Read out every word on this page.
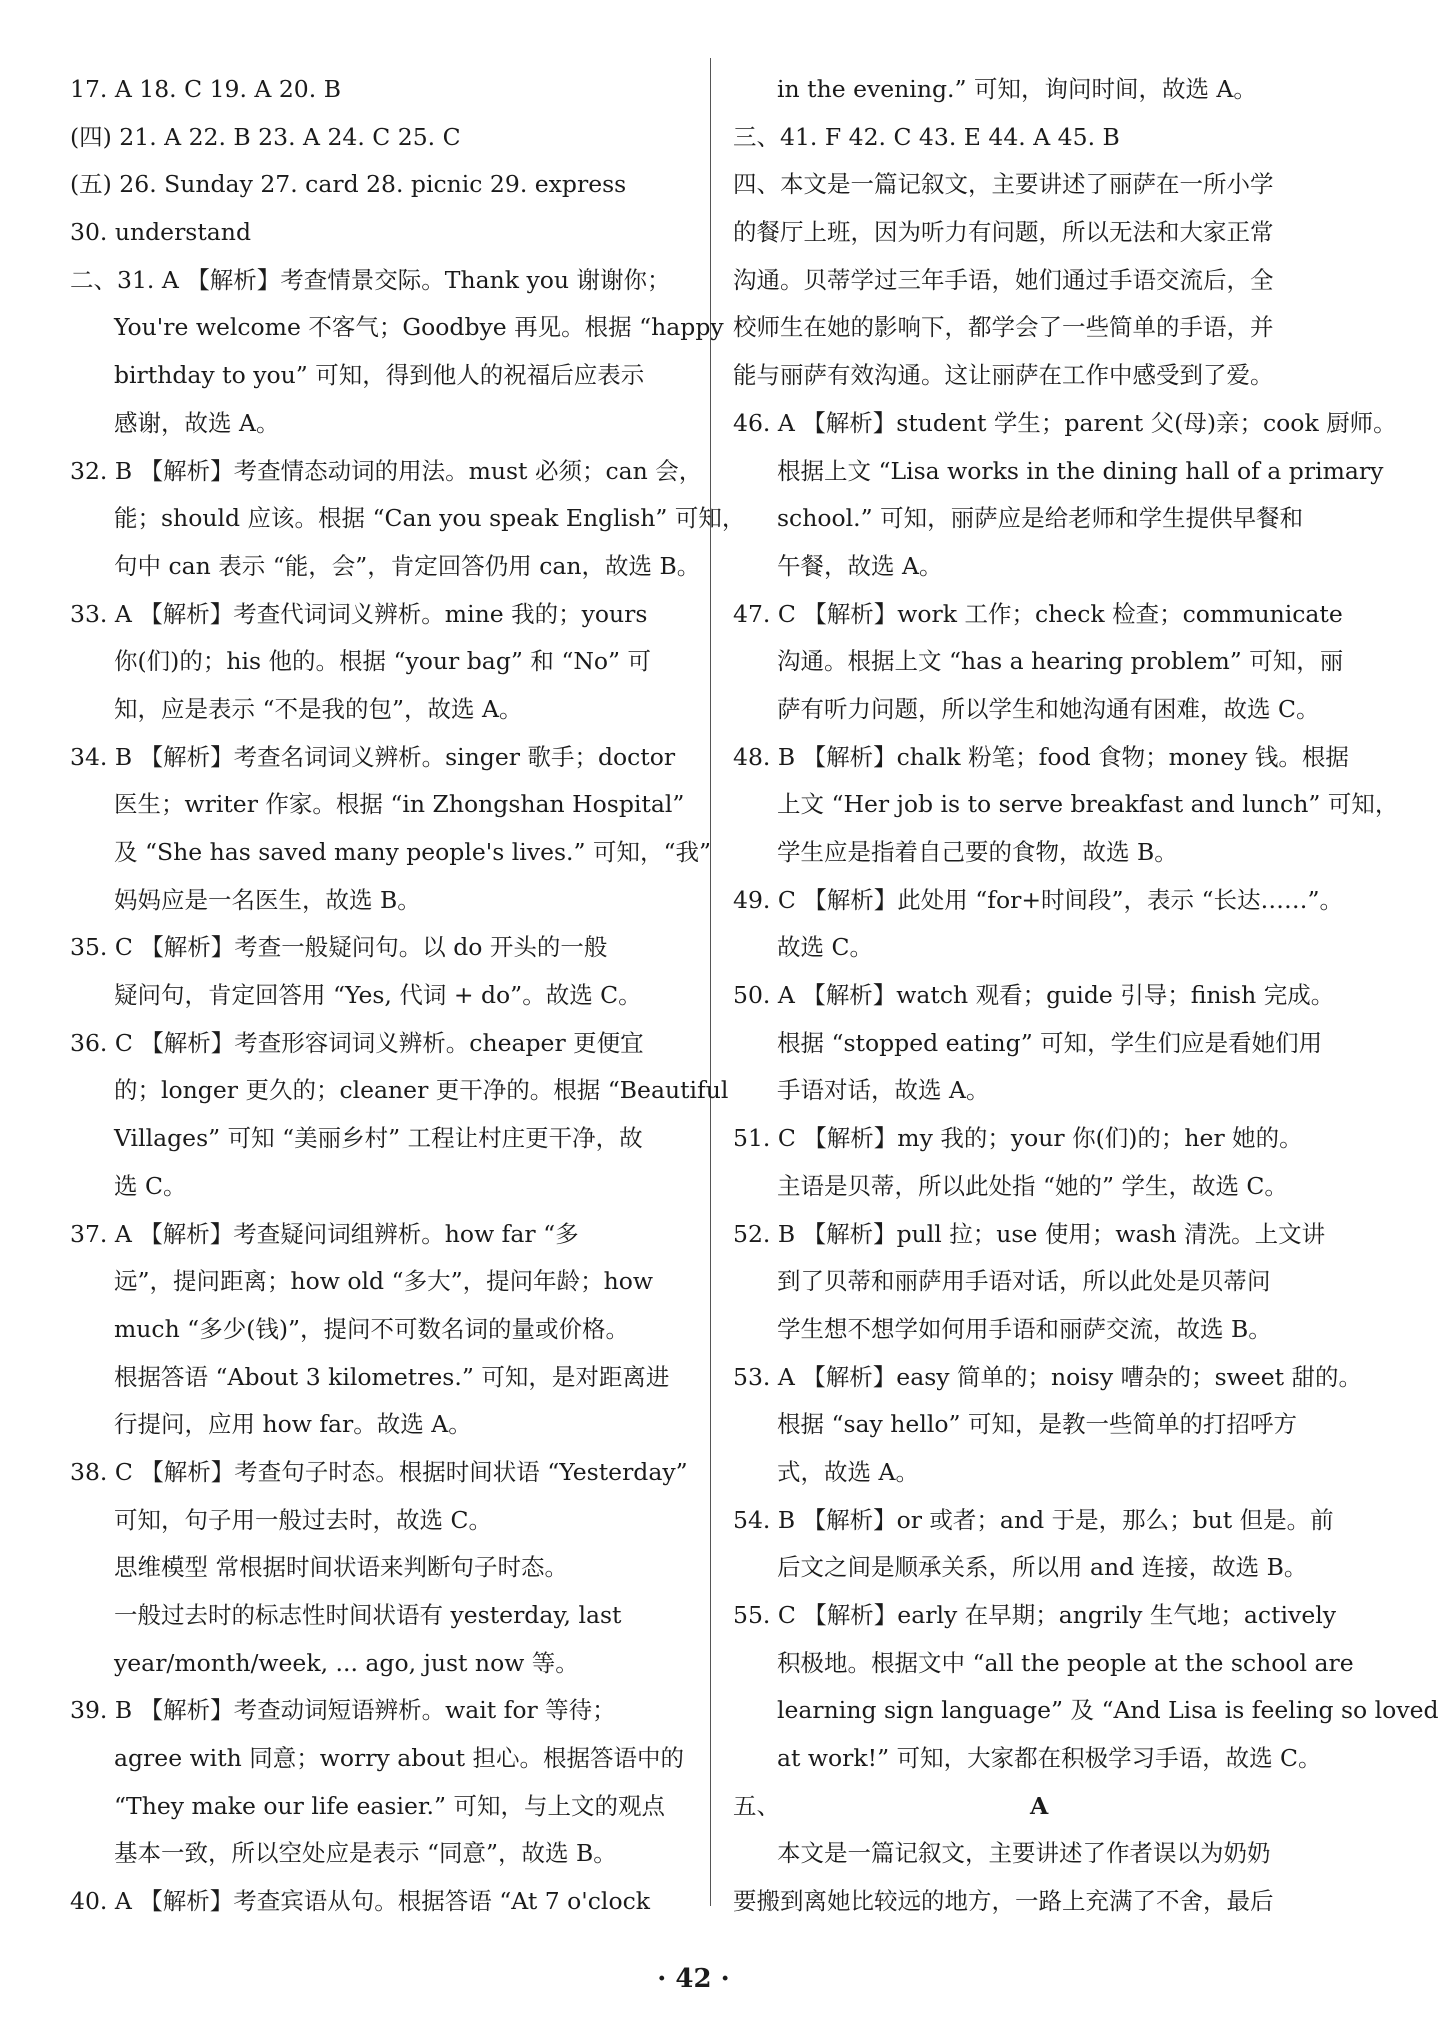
17. A 18. C 19. A 20. B
(四) 21. A 22. B 23. A 24. C 25. C
(五) 26. Sunday 27. card 28. picnic 29. express
30. understand
二、31. A 【解析】考查情景交际。Thank you 谢谢你；
You're welcome 不客气；Goodbye 再见。根据 “happy
birthday to you” 可知，得到他人的祝福后应表示
感谢，故选 A。
32. B 【解析】考查情态动词的用法。must 必须；can 会，
能；should 应该。根据 “Can you speak English” 可知，
句中 can 表示 “能，会”，肯定回答仍用 can，故选 B。
33. A 【解析】考查代词词义辨析。mine 我的；yours
你(们)的；his 他的。根据 “your bag” 和 “No” 可
知，应是表示 “不是我的包”，故选 A。
34. B 【解析】考查名词词义辨析。singer 歌手；doctor
医生；writer 作家。根据 “in Zhongshan Hospital”
及 “She has saved many people's lives.” 可知，“我”
妈妈应是一名医生，故选 B。
35. C 【解析】考查一般疑问句。以 do 开头的一般
疑问句，肯定回答用 “Yes, 代词 + do”。故选 C。
36. C 【解析】考查形容词词义辨析。cheaper 更便宜
的；longer 更久的；cleaner 更干净的。根据 “Beautiful
Villages” 可知 “美丽乡村” 工程让村庄更干净，故
选 C。
37. A 【解析】考查疑问词组辨析。how far “多
远”，提问距离；how old “多大”，提问年龄；how
much “多少(钱)”，提问不可数名词的量或价格。
根据答语 “About 3 kilometres.” 可知，是对距离进
行提问，应用 how far。故选 A。
38. C 【解析】考查句子时态。根据时间状语 “Yesterday”
可知，句子用一般过去时，故选 C。
思维模型 常根据时间状语来判断句子时态。
一般过去时的标志性时间状语有 yesterday, last
year/month/week, ... ago, just now 等。
39. B 【解析】考查动词短语辨析。wait for 等待；
agree with 同意；worry about 担心。根据答语中的
“They make our life easier.” 可知，与上文的观点
基本一致，所以空处应是表示 “同意”，故选 B。
40. A 【解析】考查宾语从句。根据答语 “At 7 o'clock
in the evening.” 可知，询问时间，故选 A。
三、41. F 42. C 43. E 44. A 45. B
四、本文是一篇记叙文，主要讲述了丽萨在一所小学
的餐厅上班，因为听力有问题，所以无法和大家正常
沟通。贝蒂学过三年手语，她们通过手语交流后，全
校师生在她的影响下，都学会了一些简单的手语，并
能与丽萨有效沟通。这让丽萨在工作中感受到了爱。
46. A 【解析】student 学生；parent 父(母)亲；cook 厨师。
根据上文 “Lisa works in the dining hall of a primary
school.” 可知，丽萨应是给老师和学生提供早餐和
午餐，故选 A。
47. C 【解析】work 工作；check 检查；communicate
沟通。根据上文 “has a hearing problem” 可知，丽
萨有听力问题，所以学生和她沟通有困难，故选 C。
48. B 【解析】chalk 粉笔；food 食物；money 钱。根据
上文 “Her job is to serve breakfast and lunch” 可知，
学生应是指着自己要的食物，故选 B。
49. C 【解析】此处用 “for+时间段”，表示 “长达……”。
故选 C。
50. A 【解析】watch 观看；guide 引导；finish 完成。
根据 “stopped eating” 可知，学生们应是看她们用
手语对话，故选 A。
51. C 【解析】my 我的；your 你(们)的；her 她的。
主语是贝蒂，所以此处指 “她的” 学生，故选 C。
52. B 【解析】pull 拉；use 使用；wash 清洗。上文讲
到了贝蒂和丽萨用手语对话，所以此处是贝蒂问
学生想不想学如何用手语和丽萨交流，故选 B。
53. A 【解析】easy 简单的；noisy 嘈杂的；sweet 甜的。
根据 “say hello” 可知，是教一些简单的打招呼方
式，故选 A。
54. B 【解析】or 或者；and 于是，那么；but 但是。前
后文之间是顺承关系，所以用 and 连接，故选 B。
55. C 【解析】early 在早期；angrily 生气地；actively
积极地。根据文中 “all the people at the school are
learning sign language” 及 “And Lisa is feeling so loved
at work!” 可知，大家都在积极学习手语，故选 C。
五、	A
本文是一篇记叙文，主要讲述了作者误以为奶奶
要搬到离她比较远的地方，一路上充满了不舍，最后
· 42 ·
